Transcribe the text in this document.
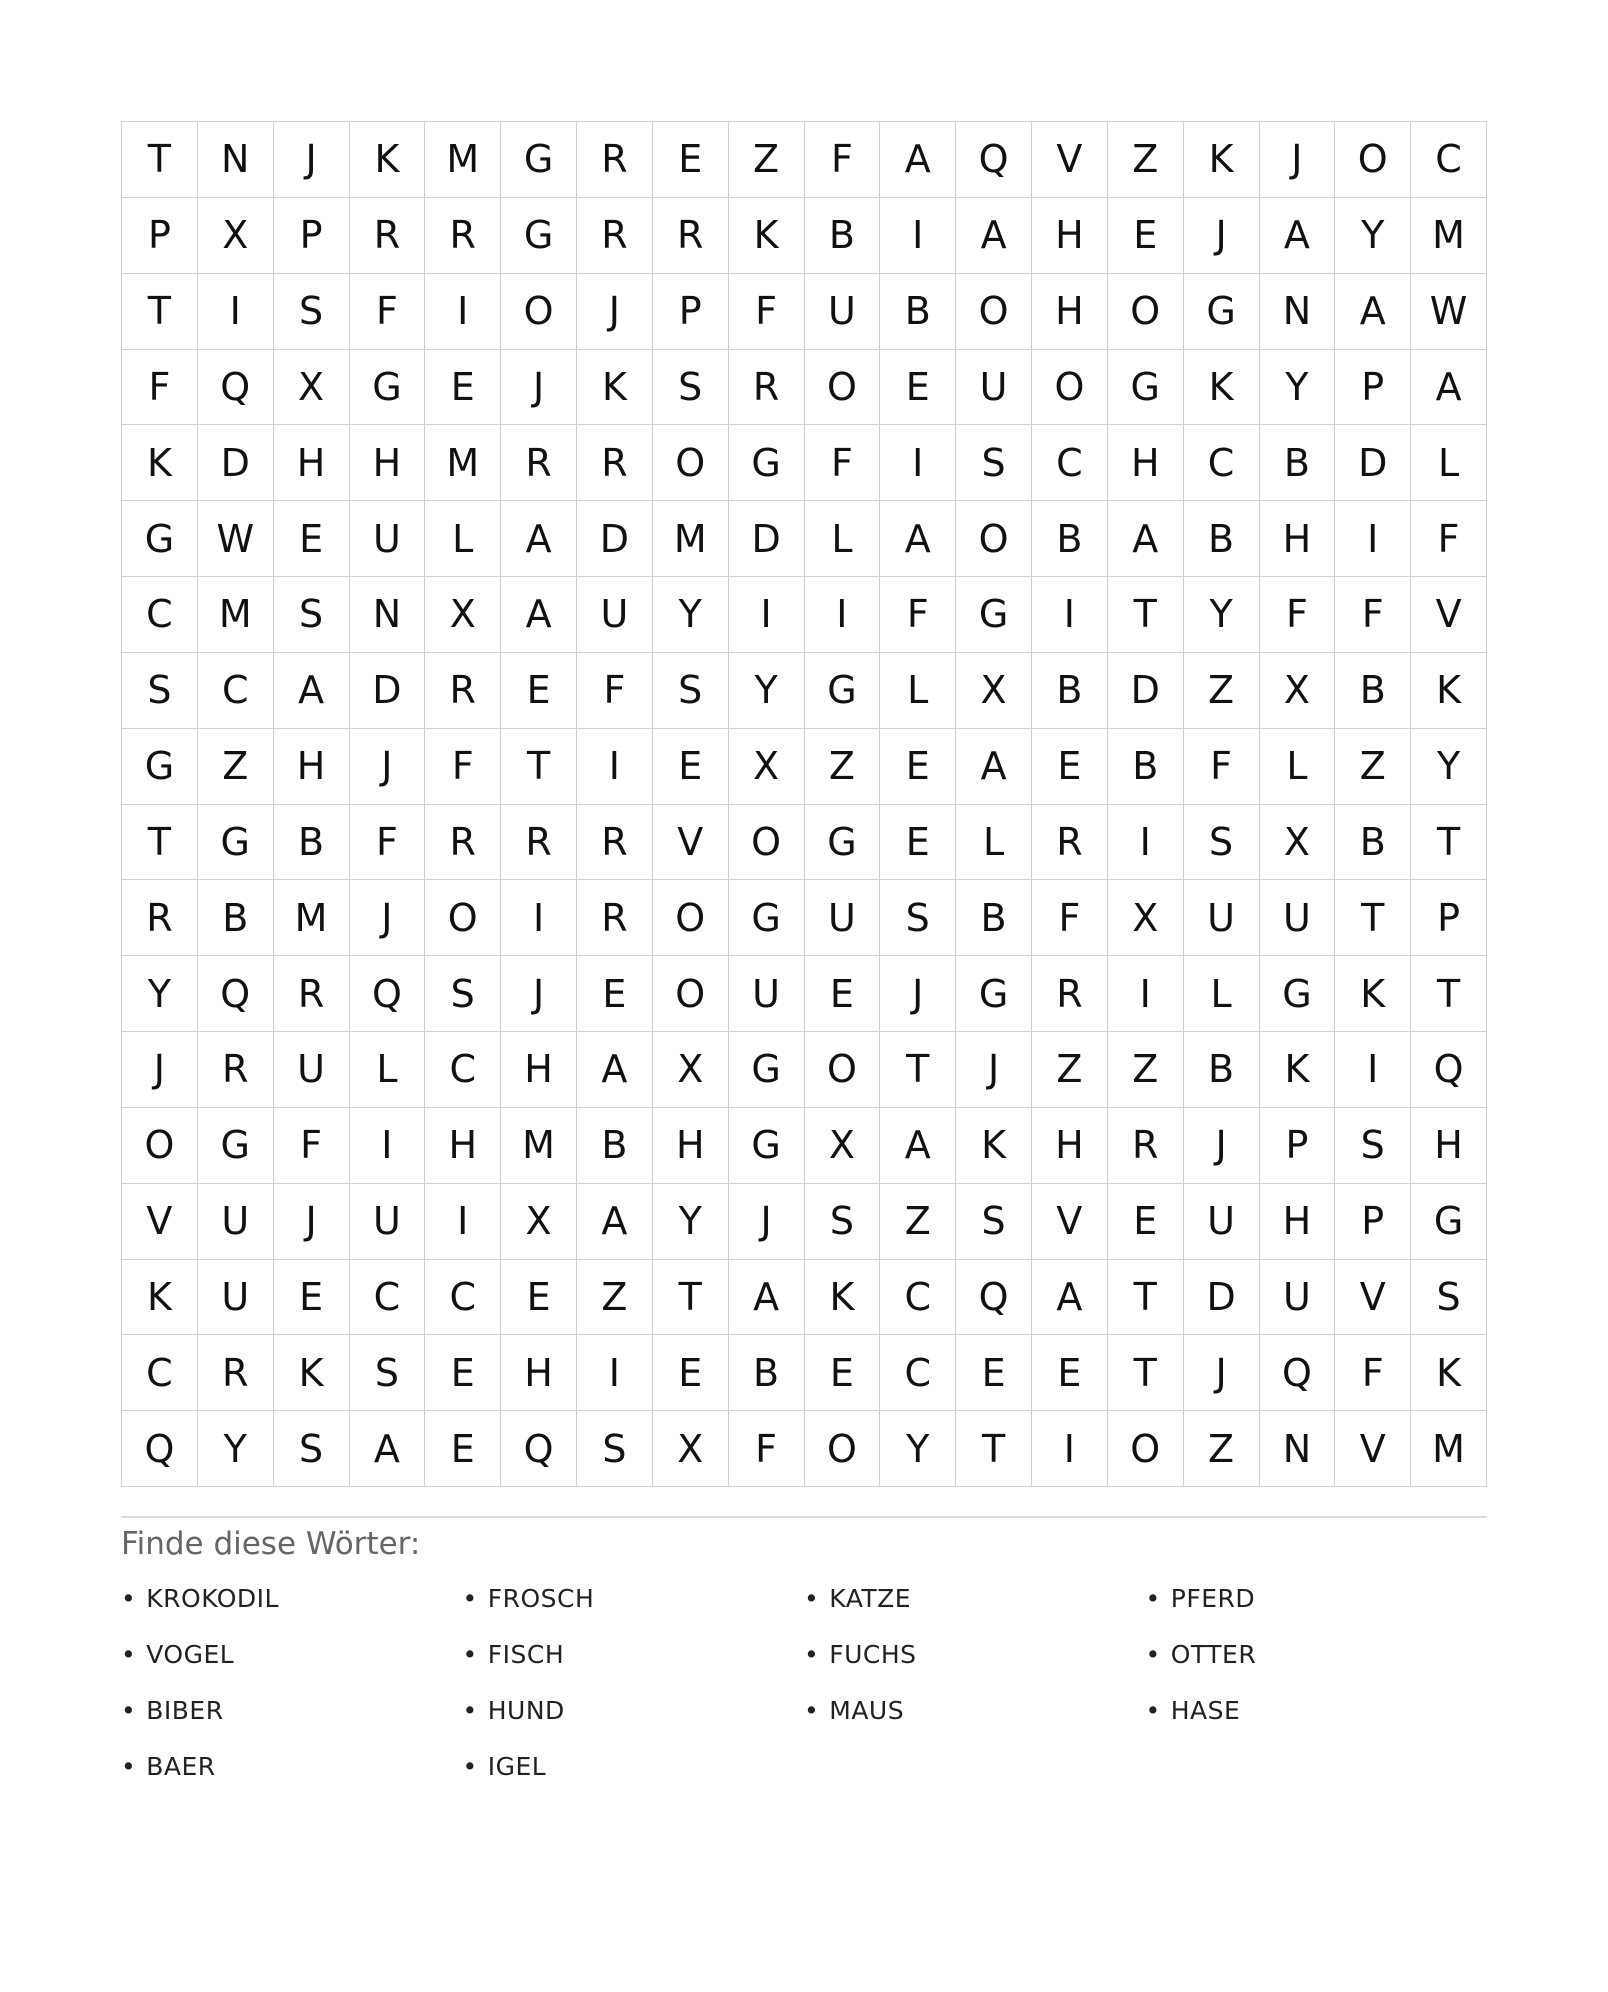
T	N	J	K	M	G	R	E	Z	F	A	Q	V	Z	K	J	O	C
P	X	P	R	R	G	R	R	K	B	I	A	H	E	J	A	Y	M
T	I	S	F	I	O	J	P	F	U	B	O	H	O	G	N	A	W
F	Q	X	G	E	J	K	S	R	O	E	U	O	G	K	Y	P	A
K	D	H	H	M	R	R	O	G	F	I	S	C	H	C	B	D	L
G	W	E	U	L	A	D	M	D	L	A	O	B	A	B	H	I	F
C	M	S	N	X	A	U	Y	I	I	F	G	I	T	Y	F	F	V
S	C	A	D	R	E	F	S	Y	G	L	X	B	D	Z	X	B	K
G	Z	H	J	F	T	I	E	X	Z	E	A	E	B	F	L	Z	Y
T	G	B	F	R	R	R	V	O	G	E	L	R	I	S	X	B	T
R	B	M	J	O	I	R	O	G	U	S	B	F	X	U	U	T	P
Y	Q	R	Q	S	J	E	O	U	E	J	G	R	I	L	G	K	T
J	R	U	L	C	H	A	X	G	O	T	J	Z	Z	B	K	I	Q
O	G	F	I	H	M	B	H	G	X	A	K	H	R	J	P	S	H
V	U	J	U	I	X	A	Y	J	S	Z	S	V	E	U	H	P	G
K	U	E	C	C	E	Z	T	A	K	C	Q	A	T	D	U	V	S
C	R	K	S	E	H	I	E	B	E	C	E	E	T	J	Q	F	K
Q	Y	S	A	E	Q	S	X	F	O	Y	T	I	O	Z	N	V	M
Finde diese Wörter:
• KROKODIL	• FROSCH	• KATZE	• PFERD
• VOGEL	• FISCH	• FUCHS	• OTTER
• BIBER	• HUND	• MAUS	• HASE
• BAER	• IGEL
